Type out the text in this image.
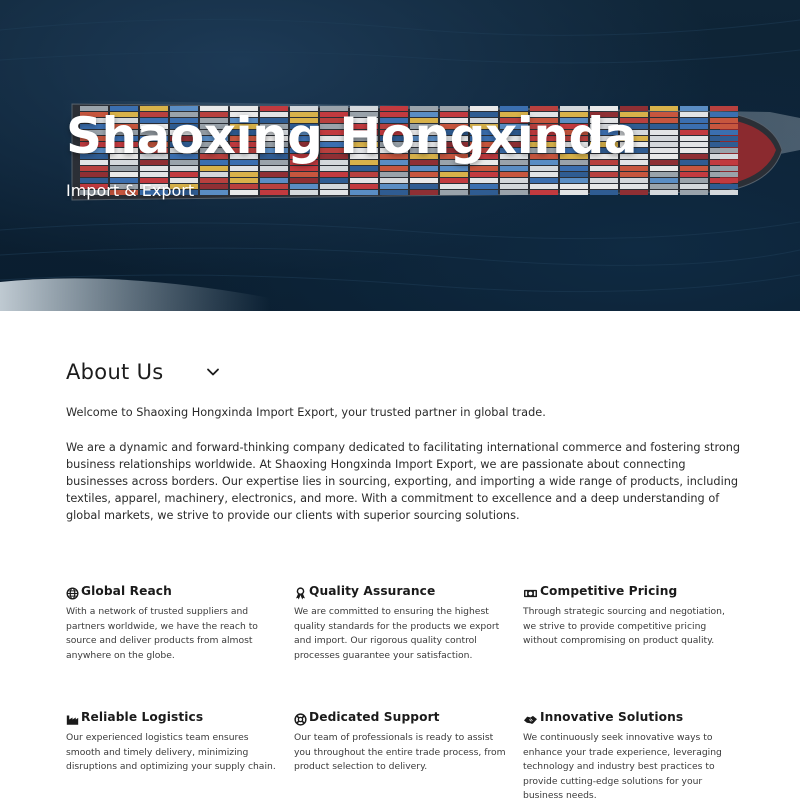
Shaoxing Hongxinda
Import & Export
About Us

Welcome to Shaoxing Hongxinda Import Export, your trusted partner in global trade.

We are a dynamic and forward-thinking company dedicated to facilitating international commerce and fostering strong business relationships worldwide. At Shaoxing Hongxinda Import Export, we are passionate about connecting businesses across borders. Our expertise lies in sourcing, exporting, and importing a wide range of products, including textiles, apparel, machinery, electronics, and more. With a commitment to excellence and a deep understanding of global markets, we strive to provide our clients with superior sourcing solutions.

Global Reach

With a network of trusted suppliers and partners worldwide, we have the reach to source and deliver products from almost anywhere on the globe.

Quality Assurance

We are committed to ensuring the highest quality standards for the products we export and import. Our rigorous quality control processes guarantee your satisfaction.

Competitive Pricing

Through strategic sourcing and negotiation, we strive to provide competitive pricing without compromising on product quality.

Reliable Logistics

Our experienced logistics team ensures smooth and timely delivery, minimizing disruptions and optimizing your supply chain.

Dedicated Support

Our team of professionals is ready to assist you throughout the entire trade process, from product selection to delivery.

Innovative Solutions

We continuously seek innovative ways to enhance your trade experience, leveraging technology and industry best practices to provide cutting-edge solutions for your business needs.
